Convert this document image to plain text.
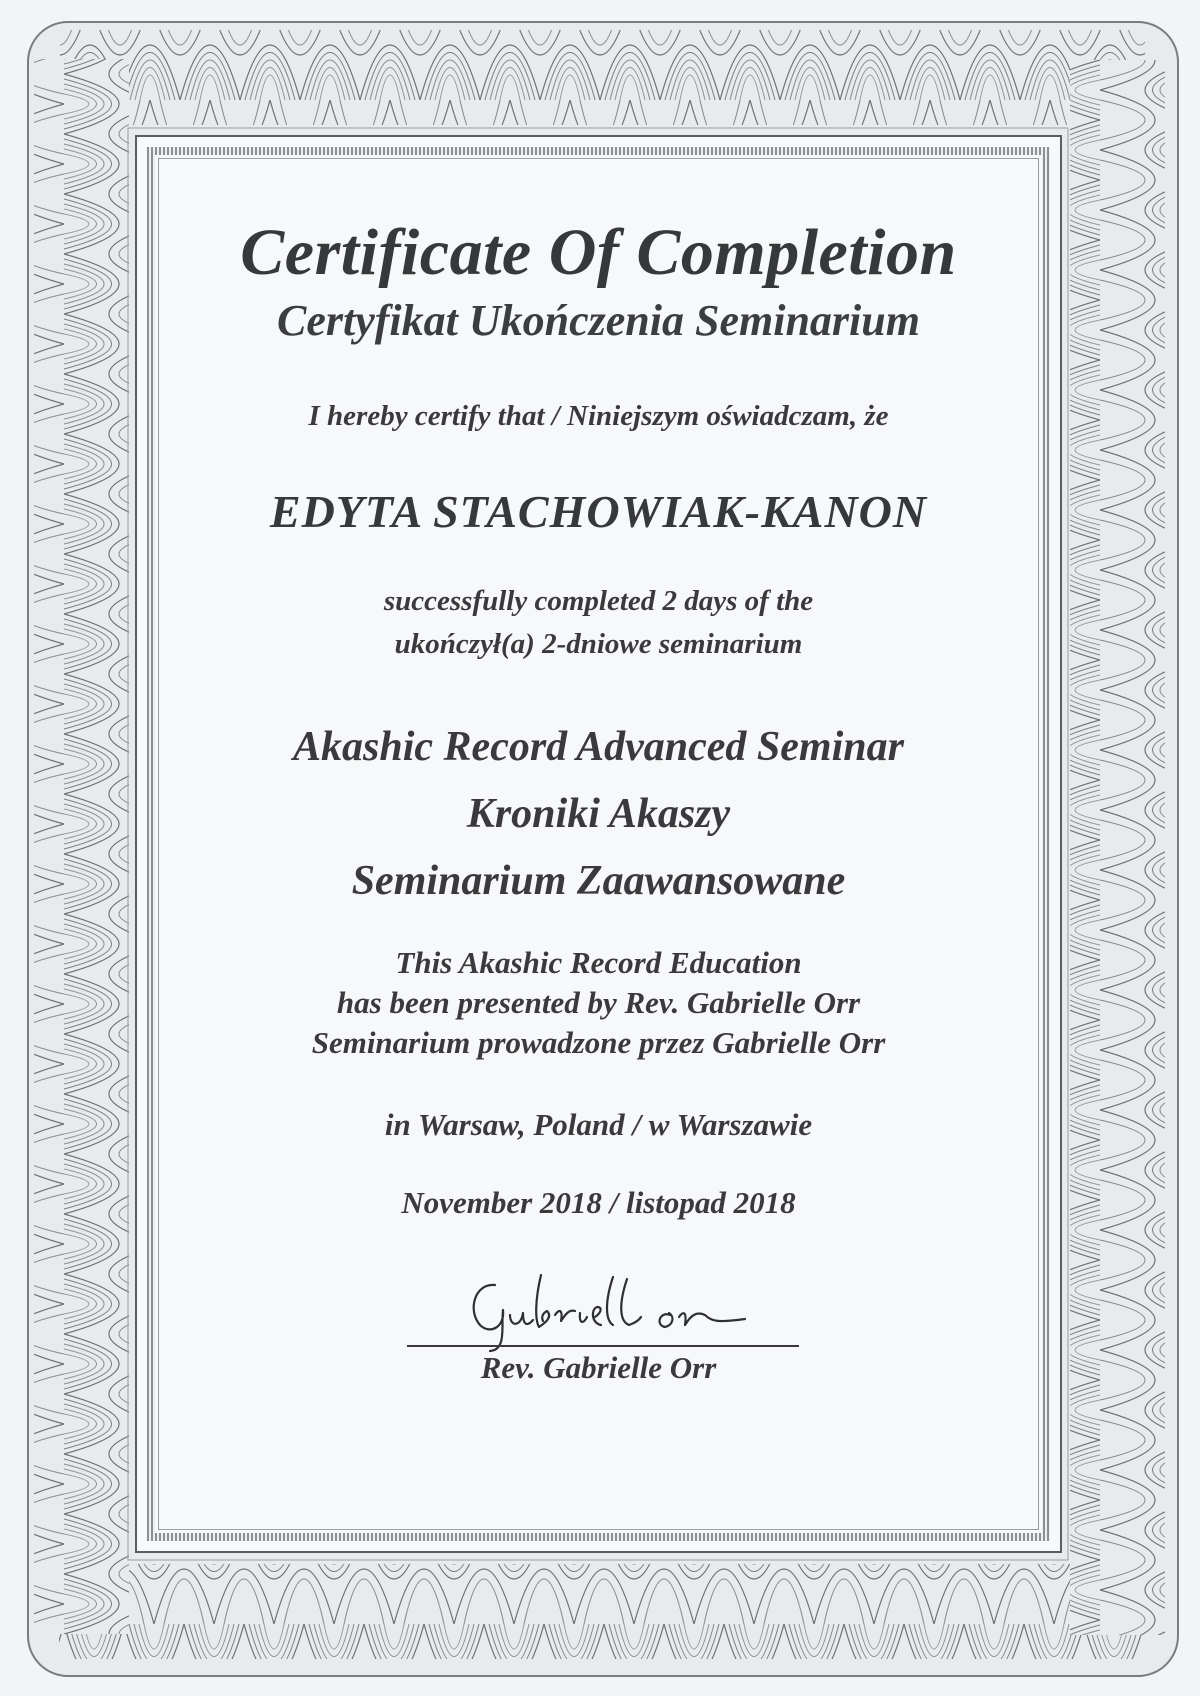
Certificate Of Completion
Certyfikat Ukończenia Seminarium
I hereby certify that / Niniejszym oświadczam, że
EDYTA STACHOWIAK-KANON
successfully completed 2 days of the
ukończył(a) 2-dniowe seminarium
Akashic Record Advanced Seminar
Kroniki Akaszy
Seminarium Zaawansowane
This Akashic Record Education
has been presented by Rev. Gabrielle Orr
Seminarium prowadzone przez Gabrielle Orr
in Warsaw, Poland / w Warszawie
November 2018 / listopad 2018
Rev. Gabrielle Orr
